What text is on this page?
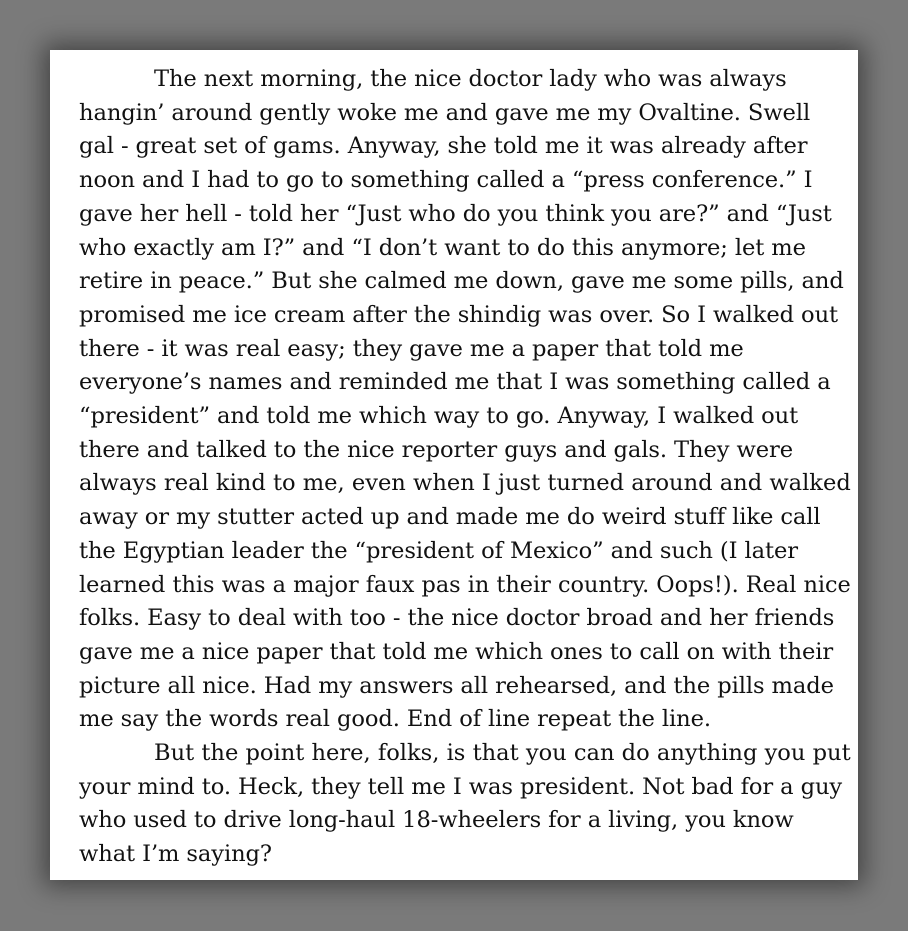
The next morning, the nice doctor lady who was always
hangin’ around gently woke me and gave me my Ovaltine. Swell
gal - great set of gams. Anyway, she told me it was already after
noon and I had to go to something called a “press conference.” I
gave her hell - told her “Just who do you think you are?” and “Just
who exactly am I?” and “I don’t want to do this anymore; let me
retire in peace.” But she calmed me down, gave me some pills, and
promised me ice cream after the shindig was over. So I walked out
there - it was real easy; they gave me a paper that told me
everyone’s names and reminded me that I was something called a
“president” and told me which way to go. Anyway, I walked out
there and talked to the nice reporter guys and gals. They were
always real kind to me, even when I just turned around and walked
away or my stutter acted up and made me do weird stuff like call
the Egyptian leader the “president of Mexico” and such (I later
learned this was a major faux pas in their country. Oops!). Real nice
folks. Easy to deal with too - the nice doctor broad and her friends
gave me a nice paper that told me which ones to call on with their
picture all nice. Had my answers all rehearsed, and the pills made
me say the words real good. End of line repeat the line.
But the point here, folks, is that you can do anything you put
your mind to. Heck, they tell me I was president. Not bad for a guy
who used to drive long-haul 18-wheelers for a living, you know
what I’m saying?
